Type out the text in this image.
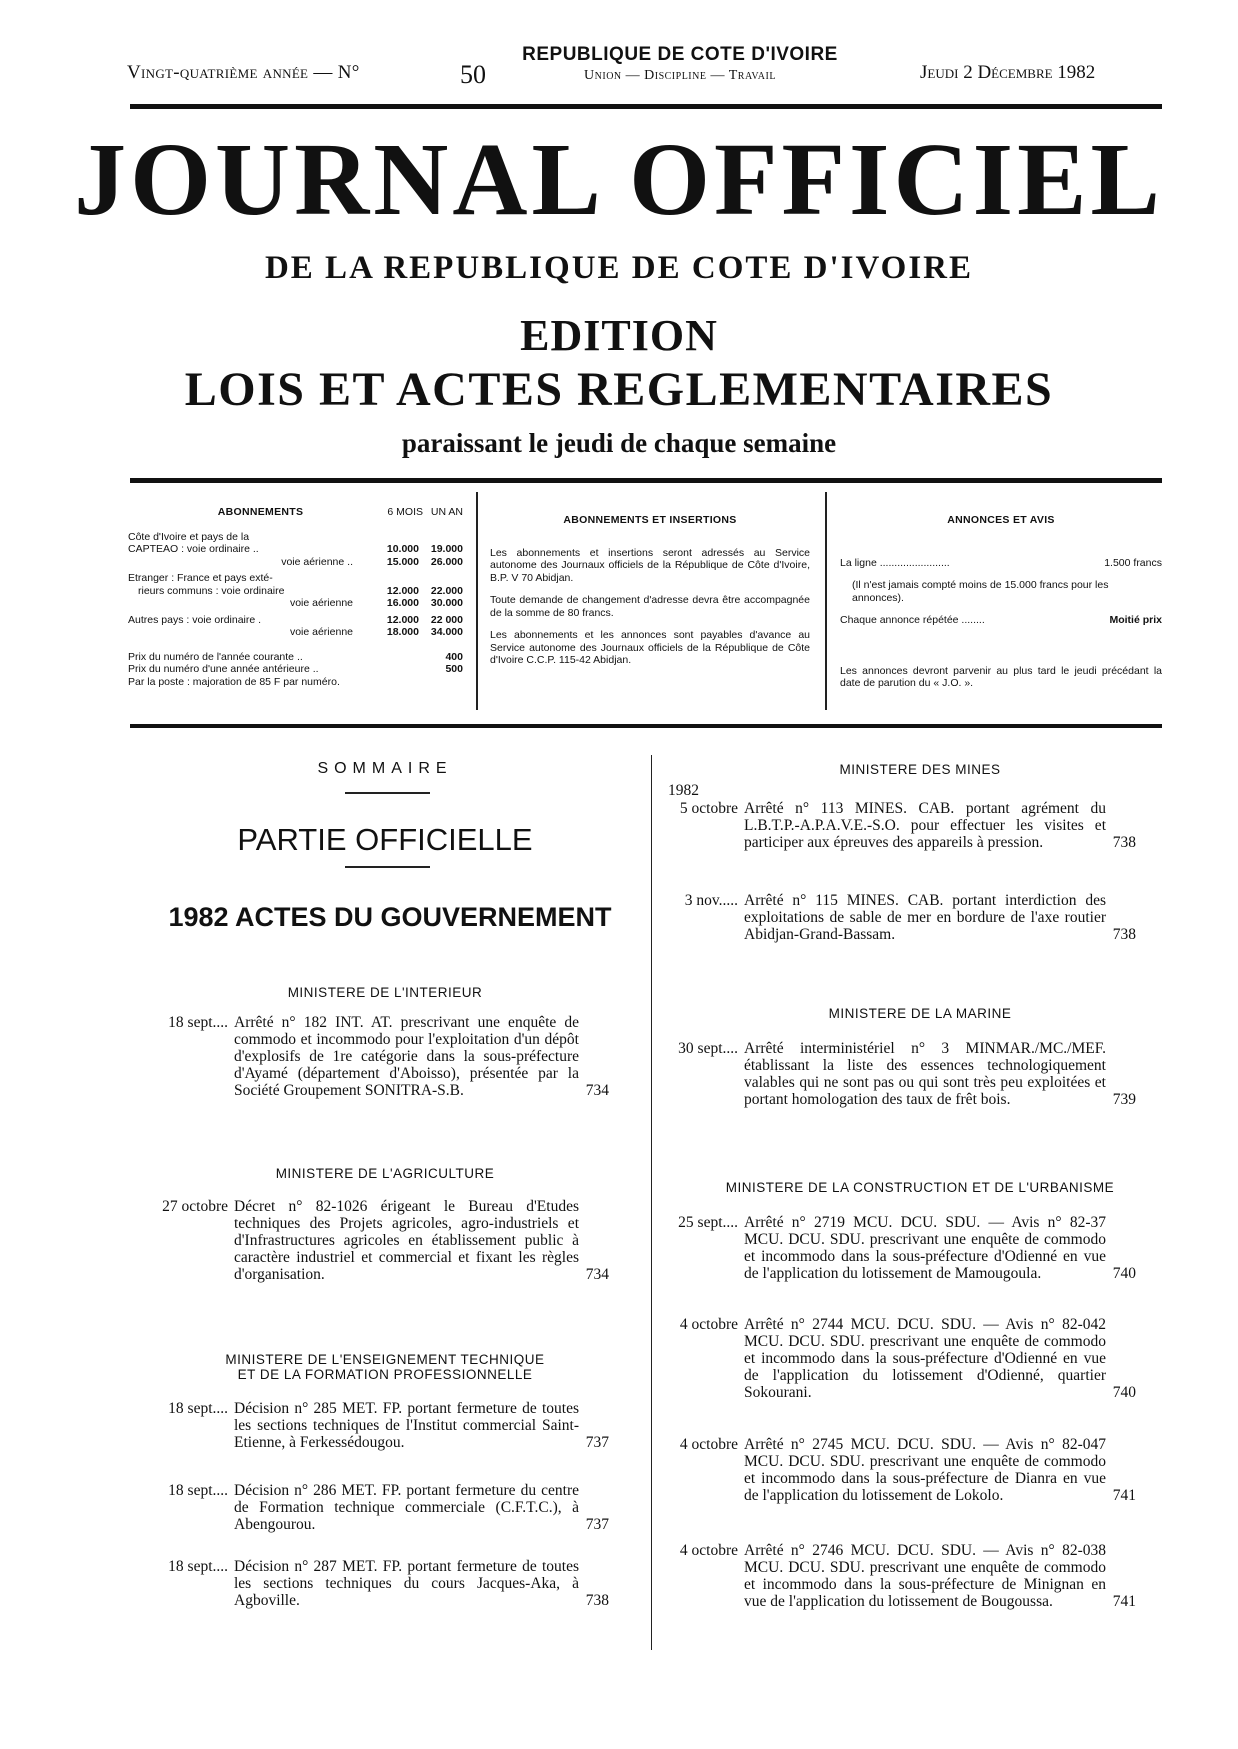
Vingt-quatrième année — N°	50
REPUBLIQUE DE COTE D'IVOIRE
Union — Discipline — Travail	Jeudi 2 Décembre 1982
JOURNAL OFFICIEL
DE LA REPUBLIQUE DE COTE D'IVOIRE
EDITION
LOIS ET ACTES REGLEMENTAIRES
paraissant le jeudi de chaque semaine
ABONNEMENTS	6 MOIS UN AN
Côte d'Ivoire et pays de la
CAPTEAO : voie ordinaire ..	10.000	19.000
voie aérienne ..	15.000	26.000
Etranger : France et pays exté-
rieurs communs : voie ordinaire	12.000	22.000
voie aérienne	16.000	30.000
Autres pays : voie ordinaire .	12.000	22 000
voie aérienne	18.000	34.000
Prix du numéro de l'année courante ..	400
Prix du numéro d'une année antérieure ..	500
Par la poste : majoration de 85 F par numéro.
ABONNEMENTS ET INSERTIONS

Les abonnements et insertions seront adressés au Service autonome des Journaux officiels de la République de Côte d'Ivoire, B.P. V 70 Abidjan.

Toute demande de changement d'adresse devra être accompagnée de la somme de 80 francs.

Les abonnements et les annonces sont payables d'avance au Service autonome des Journaux officiels de la République de Côte d'Ivoire C.C.P. 115-42 Abidjan.

ANNONCES ET AVIS
La ligne ........................	1.500 francs

(Il n'est jamais compté moins de 15.000 francs pour les annonces).

Chaque annonce répétée ........	Moitié prix

Les annonces devront parvenir au plus tard le jeudi précédant la date de parution du « J.O. ».

SOMMAIRE
PARTIE OFFICIELLE
1982 ACTES DU GOUVERNEMENT
MINISTERE DE L'INTERIEUR
18 sept.... Arrêté n° 182 INT. AT. prescrivant une enquête de commodo et incommodo pour l'exploitation d'un dépôt d'explosifs de 1re catégorie dans la sous-préfecture d'Ayamé (département d'Aboisso), présentée par la Société Groupement SONITRA-S.B.	734
MINISTERE DE L'AGRICULTURE
27 octobre Décret n° 82-1026 érigeant le Bureau d'Etudes techniques des Projets agricoles, agro-industriels et d'Infrastructures agricoles en établissement public à caractère industriel et commercial et fixant les règles d'organisation.	734
MINISTERE DE L'ENSEIGNEMENT TECHNIQUE ET DE LA FORMATION PROFESSIONNELLE
18 sept.... Décision n° 285 MET. FP. portant fermeture de toutes les sections techniques de l'Institut commercial Saint-Etienne, à Ferkessédougou.	737
18 sept.... Décision n° 286 MET. FP. portant fermeture du centre de Formation technique commerciale (C.F.T.C.), à Abengourou.	737
18 sept.... Décision n° 287 MET. FP. portant fermeture de toutes les sections techniques du cours Jacques-Aka, à Agboville.	738
MINISTERE DES MINES
1982
5 octobre Arrêté n° 113 MINES. CAB. portant agrément du L.B.T.P.-A.P.A.V.E.-S.O. pour effectuer les visites et participer aux épreuves des appareils à pression.	738
3 nov..... Arrêté n° 115 MINES. CAB. portant interdiction des exploitations de sable de mer en bordure de l'axe routier Abidjan-Grand-Bassam.	738
MINISTERE DE LA MARINE
30 sept.... Arrêté interministériel n° 3 MINMAR./MC./MEF. établissant la liste des essences technologiquement valables qui ne sont pas ou qui sont très peu exploitées et portant homologation des taux de frêt bois.	739
MINISTERE DE LA CONSTRUCTION ET DE L'URBANISME
25 sept.... Arrêté n° 2719 MCU. DCU. SDU. — Avis n° 82-37 MCU. DCU. SDU. prescrivant une enquête de commodo et incommodo dans la sous-préfecture d'Odienné en vue de l'application du lotissement de Mamougoula.	740
4 octobre Arrêté n° 2744 MCU. DCU. SDU. — Avis n° 82-042 MCU. DCU. SDU. prescrivant une enquête de commodo et incommodo dans la sous-préfecture d'Odienné en vue de l'application du lotissement d'Odienné, quartier Sokourani.	740
4 octobre Arrêté n° 2745 MCU. DCU. SDU. — Avis n° 82-047 MCU. DCU. SDU. prescrivant une enquête de commodo et incommodo dans la sous-préfecture de Dianra en vue de l'application du lotissement de Lokolo.	741
4 octobre Arrêté n° 2746 MCU. DCU. SDU. — Avis n° 82-038 MCU. DCU. SDU. prescrivant une enquête de commodo et incommodo dans la sous-préfecture de Minignan en vue de l'application du lotissement de Bougoussa.	741
